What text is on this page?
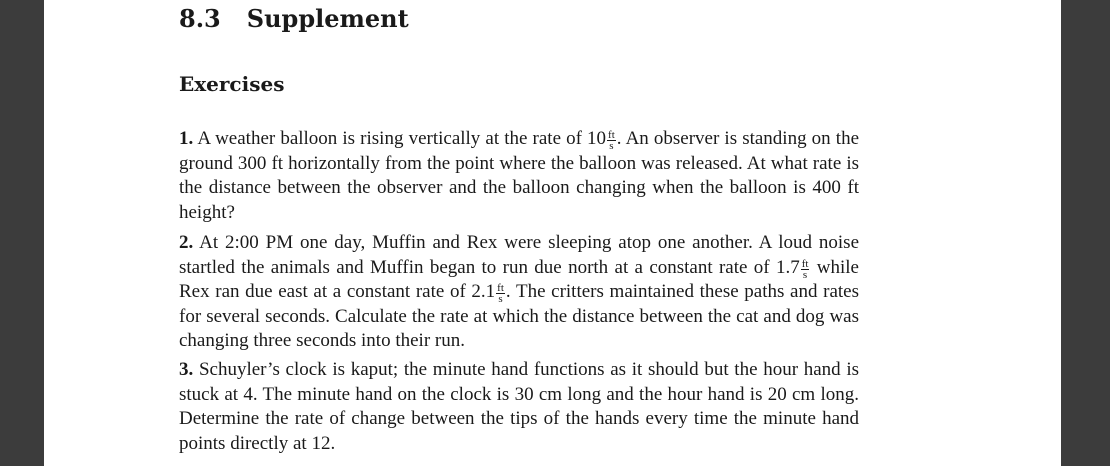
8.3 Supplement
Exercises

1. A weather balloon is rising vertically at the rate of $10 \frac{ft}{s}$ . An observer is standing on the ground 300 ft horizontally from the point where the balloon was released. At what rate is the distance between the observer and the balloon changing when the balloon is 400 ft height?

2. At 2:00 PM one day, Muffin and Rex were sleeping atop one another. A loud noise startled the animals and Muffin began to run due north at a constant rate of $1.7 \frac{ft}{s}$ while Rex ran due east at a constant rate of $2.1 \frac{ft}{s}$ . The critters maintained these paths and rates for several seconds. Calculate the rate at which the distance between the cat and dog was changing three seconds into their run.

3. Schuyler’s clock is kaput; the minute hand functions as it should but the hour hand is stuck at 4. The minute hand on the clock is 30 cm long and the hour hand is 20 cm long. Determine the rate of change between the tips of the hands every time the minute hand points directly at 12.
